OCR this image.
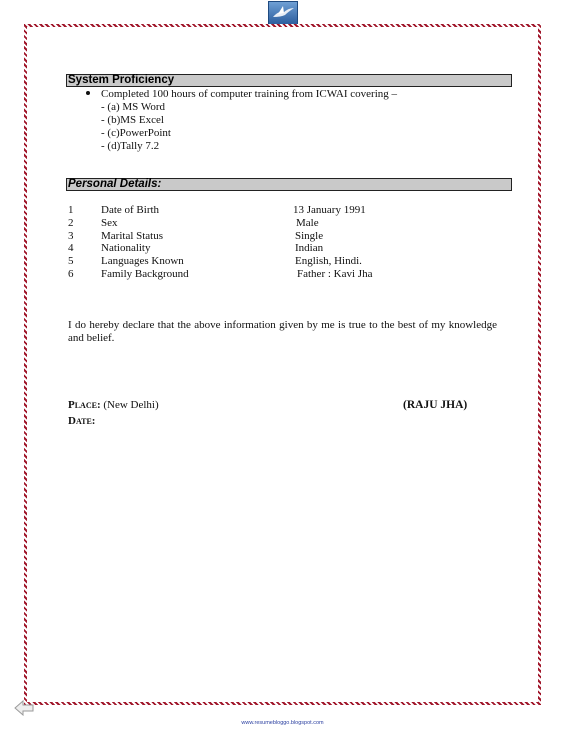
System Proficiency
Completed 100 hours of computer training from ICWAI covering –
- (a) MS Word
- (b)MS Excel
- (c)PowerPoint
- (d)Tally 7.2
Personal Details:
1	Date of Birth	13 January 1991
2	Sex	Male
3	Marital Status	Single
4	Nationality	Indian
5	Languages Known	English, Hindi.
6	Family Background	Father : Kavi Jha
I do hereby declare that the above information given by me is true to the best of my knowledge and belief.
Place: (New Delhi)
Date:
(RAJU JHA)
www.resumebloggo.blogspot.com
